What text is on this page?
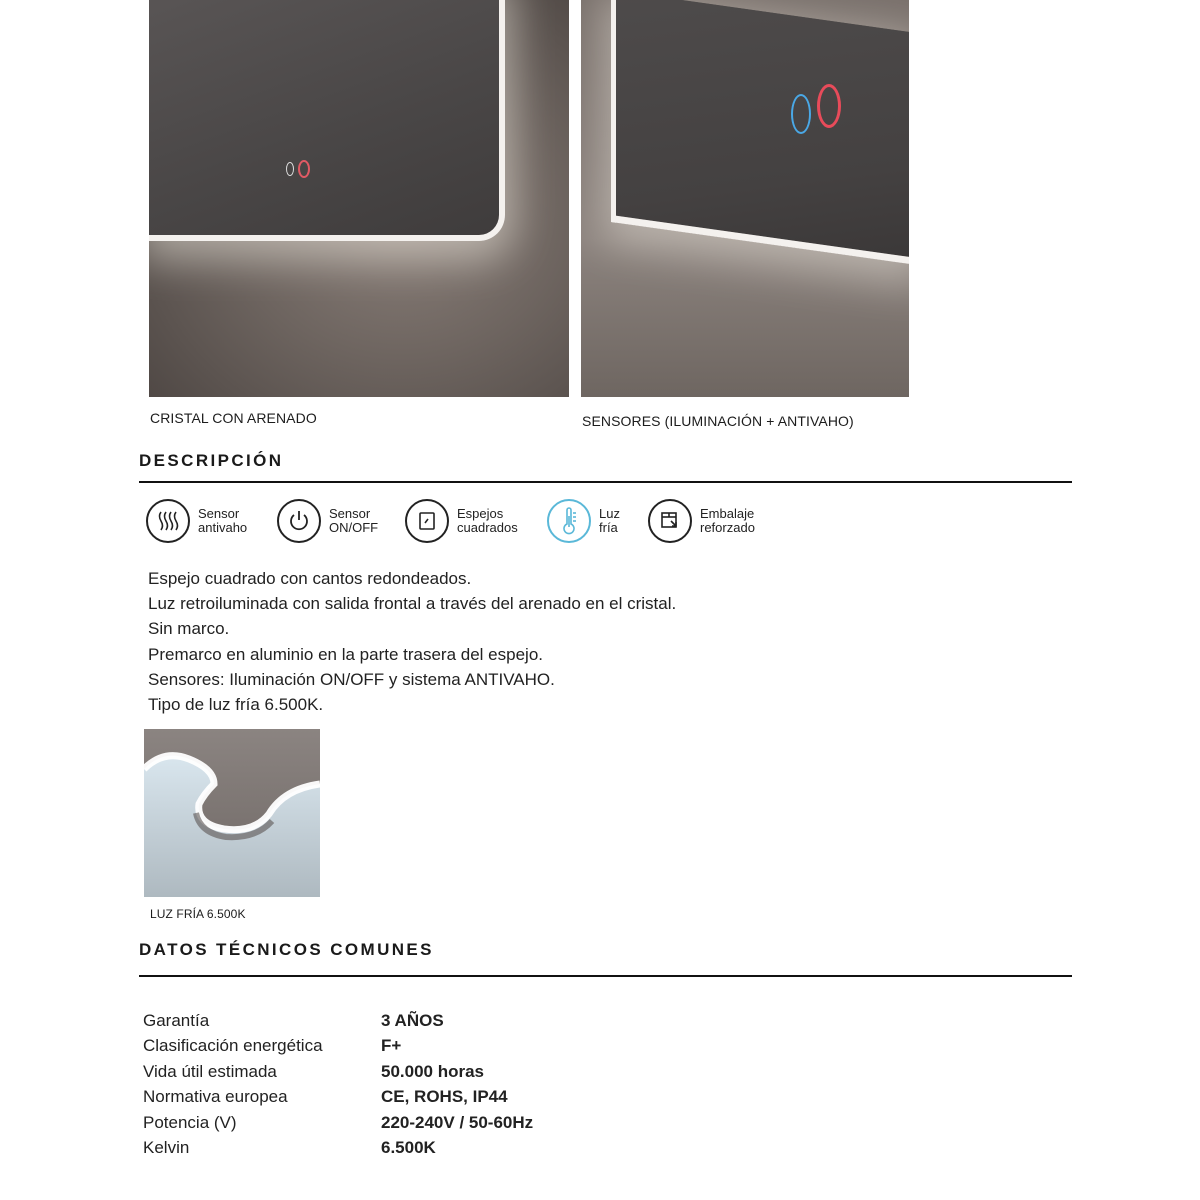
CRISTAL CON ARENADO	SENSORES (ILUMINACIÓN + ANTIVAHO)
DESCRIPCIÓN
Sensor
antivaho
Sensor
ON/OFF
Espejos
cuadrados
Luz
fría
Embalaje
reforzado
Espejo cuadrado con cantos redondeados.
Luz retroiluminada con salida frontal a través del arenado en el cristal.
Sin marco.
Premarco en aluminio en la parte trasera del espejo.
Sensores: Iluminación ON/OFF y sistema ANTIVAHO.
Tipo de luz fría 6.500K.
LUZ FRÍA 6.500K
DATOS TÉCNICOS COMUNES
Garantía	3 AÑOS
Clasificación energética	F+
Vida útil estimada	50.000 horas
Normativa europea	CE, ROHS, IP44
Potencia (V)	220-240V / 50-60Hz
Kelvin	6.500K
